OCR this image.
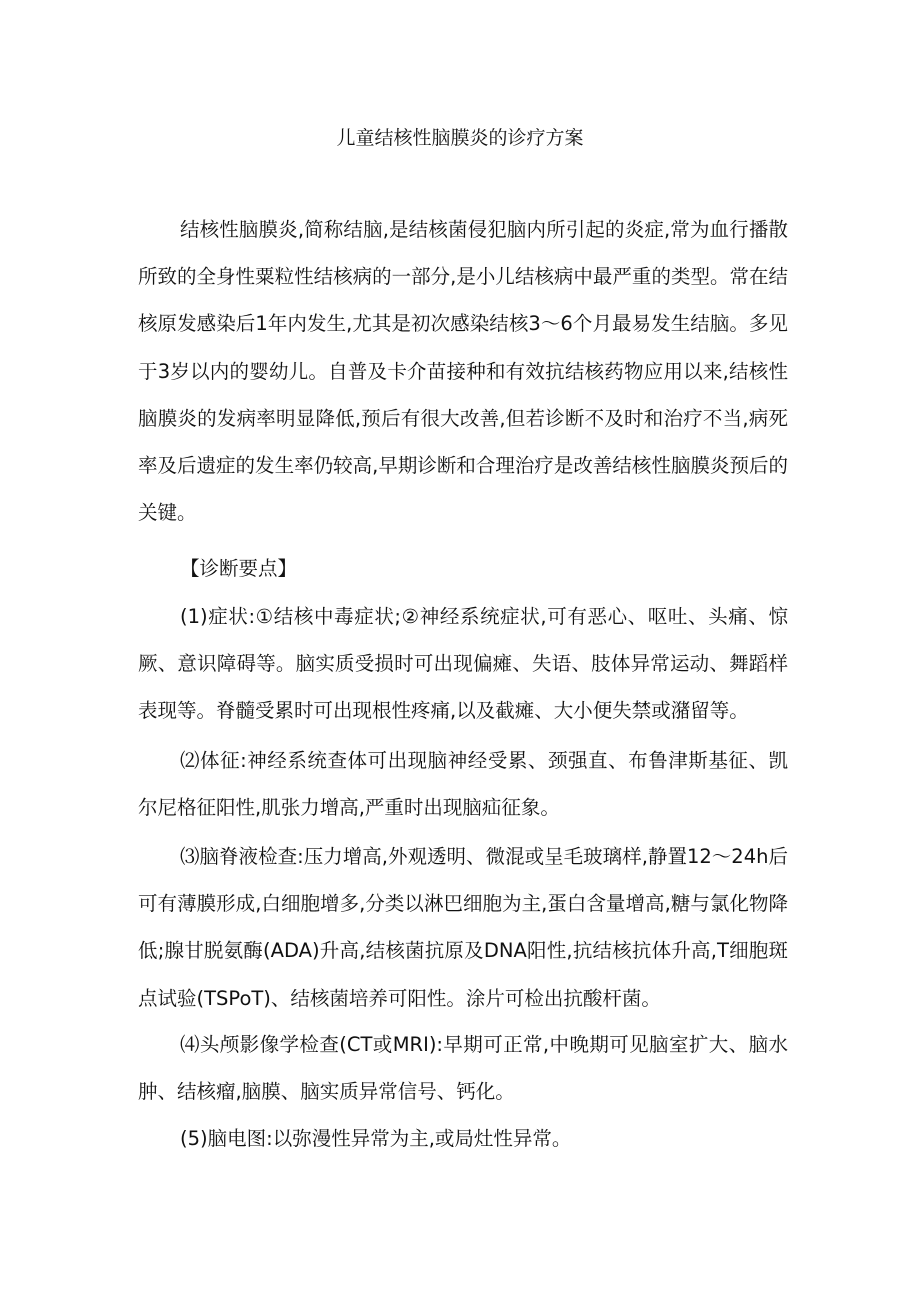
儿童结核性脑膜炎的诊疗方案

结核性脑膜炎,简称结脑,是结核菌侵犯脑内所引起的炎症,常为血行播散所致的全身性粟粒性结核病的一部分,是小儿结核病中最严重的类型。常在结核原发感染后1年内发生,尤其是初次感染结核3～6个月最易发生结脑。多见于3岁以内的婴幼儿。自普及卡介苗接种和有效抗结核药物应用以来,结核性脑膜炎的发病率明显降低,预后有很大改善,但若诊断不及时和治疗不当,病死率及后遗症的发生率仍较高,早期诊断和合理治疗是改善结核性脑膜炎预后的关键。

【诊断要点】

(1)症状:①结核中毒症状;②神经系统症状,可有恶心、呕吐、头痛、惊厥、意识障碍等。脑实质受损时可出现偏瘫、失语、肢体异常运动、舞蹈样表现等。脊髓受累时可出现根性疼痛,以及截瘫、大小便失禁或潴留等。

⑵体征:神经系统查体可出现脑神经受累、颈强直、布鲁津斯基征、凯尔尼格征阳性,肌张力增高,严重时出现脑疝征象。

⑶脑脊液检查:压力增高,外观透明、微混或呈毛玻璃样,静置12～24h后可有薄膜形成,白细胞增多,分类以淋巴细胞为主,蛋白含量增高,糖与氯化物降低;腺甘脱氨酶(ADA)升高,结核菌抗原及DNA阳性,抗结核抗体升高,T细胞斑点试验(TSPoT)、结核菌培养可阳性。涂片可检出抗酸杆菌。

⑷头颅影像学检查(CT或MRI):早期可正常,中晚期可见脑室扩大、脑水肿、结核瘤,脑膜、脑实质异常信号、钙化。

(5)脑电图:以弥漫性异常为主,或局灶性异常。
